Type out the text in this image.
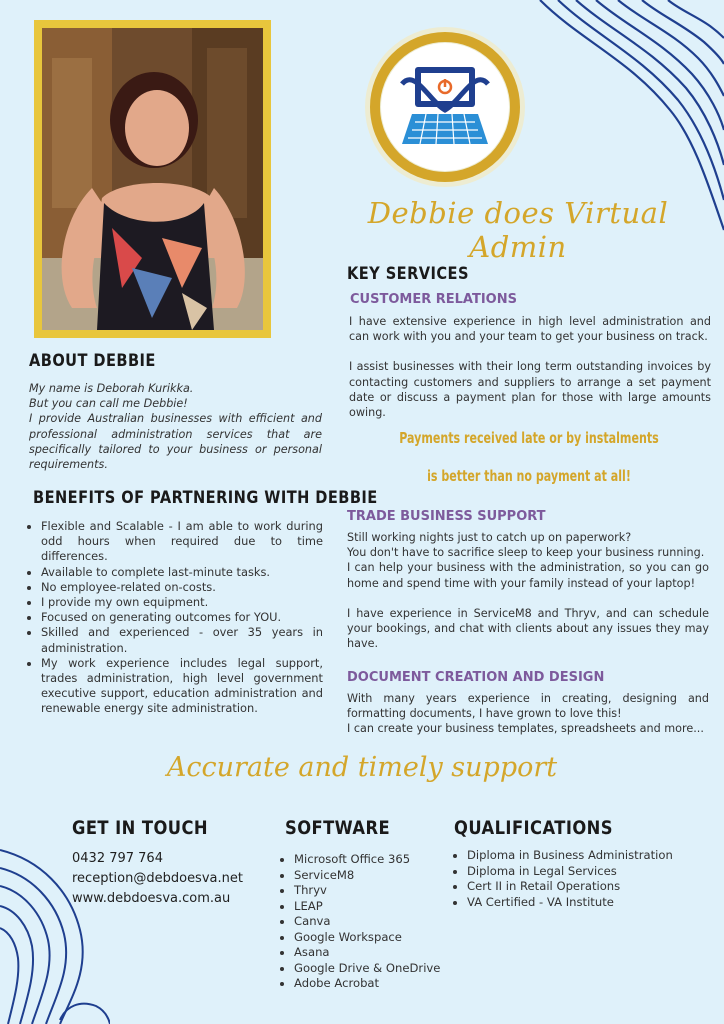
Debbie does Virtual Admin
ABOUT DEBBIE

My name is Deborah Kurikka.

But you can call me Debbie!

I provide Australian businesses with efficient and professional administration services that are specifically tailored to your business or personal requirements.

BENEFITS OF PARTNERING WITH DEBBIE
• Flexible and Scalable - I am able to work during odd hours when required due to time differences.
• Available to complete last-minute tasks.
• No employee-related on-costs.
• I provide my own equipment.
• Focused on generating outcomes for YOU.
• Skilled and experienced - over 35 years in administration.
• My work experience includes legal support, trades administration, high level government executive support, education administration and renewable energy site administration.
KEY SERVICES
CUSTOMER RELATIONS

I have extensive experience in high level administration and can work with you and your team to get your business on track.

I assist businesses with their long term outstanding invoices by contacting customers and suppliers to arrange a set payment date or discuss a payment plan for those with large amounts owing.

Payments received late or by instalments
is better than no payment at all!
TRADE BUSINESS SUPPORT

Still working nights just to catch up on paperwork?

You don't have to sacrifice sleep to keep your business running.

I can help your business with the administration, so you can go home and spend time with your family instead of your laptop!

I have experience in ServiceM8 and Thryv, and can schedule your bookings, and chat with clients about any issues they may have.

DOCUMENT CREATION AND DESIGN

With many years experience in creating, designing and formatting documents, I have grown to love this!

I can create your business templates, spreadsheets and more...

Accurate and timely support
GET IN TOUCH
0432 797 764
reception@debdoesva.net
www.debdoesva.com.au
SOFTWARE
• Microsoft Office 365
• ServiceM8
• Thryv
• LEAP
• Canva
• Google Workspace
• Asana
• Google Drive & OneDrive
• Adobe Acrobat
QUALIFICATIONS
• Diploma in Business Administration
• Diploma in Legal Services
• Cert II in Retail Operations
• VA Certified - VA Institute
